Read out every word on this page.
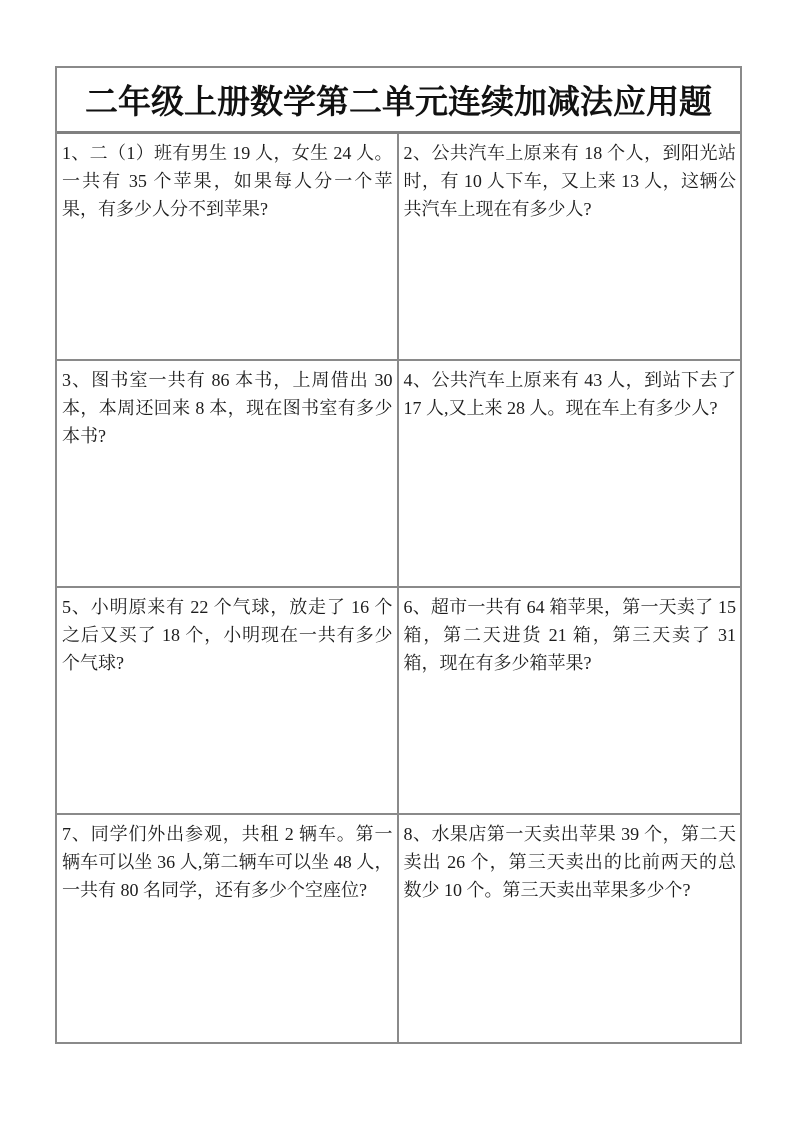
二年级上册数学第二单元连续加减法应用题
1、二（1）班有男生 19 人，女生 24 人。一共有 35 个苹果，如果每人分一个苹果，有多少人分不到苹果?
2、公共汽车上原来有 18 个人，到阳光站时，有 10 人下车，又上来 13 人，这辆公共汽车上现在有多少人?
3、图书室一共有 86 本书，上周借出 30 本，本周还回来 8 本，现在图书室有多少本书?
4、公共汽车上原来有 43 人，到站下去了 17 人,又上来 28 人。现在车上有多少人?
5、小明原来有 22 个气球，放走了 16 个之后又买了 18 个，小明现在一共有多少个气球?
6、超市一共有 64 箱苹果，第一天卖了 15 箱，第二天进货 21 箱，第三天卖了 31 箱，现在有多少箱苹果?
7、同学们外出参观，共租 2 辆车。第一辆车可以坐 36 人,第二辆车可以坐 48 人，一共有 80 名同学，还有多少个空座位?
8、水果店第一天卖出苹果 39 个，第二天卖出 26 个，第三天卖出的比前两天的总数少 10 个。第三天卖出苹果多少个?
